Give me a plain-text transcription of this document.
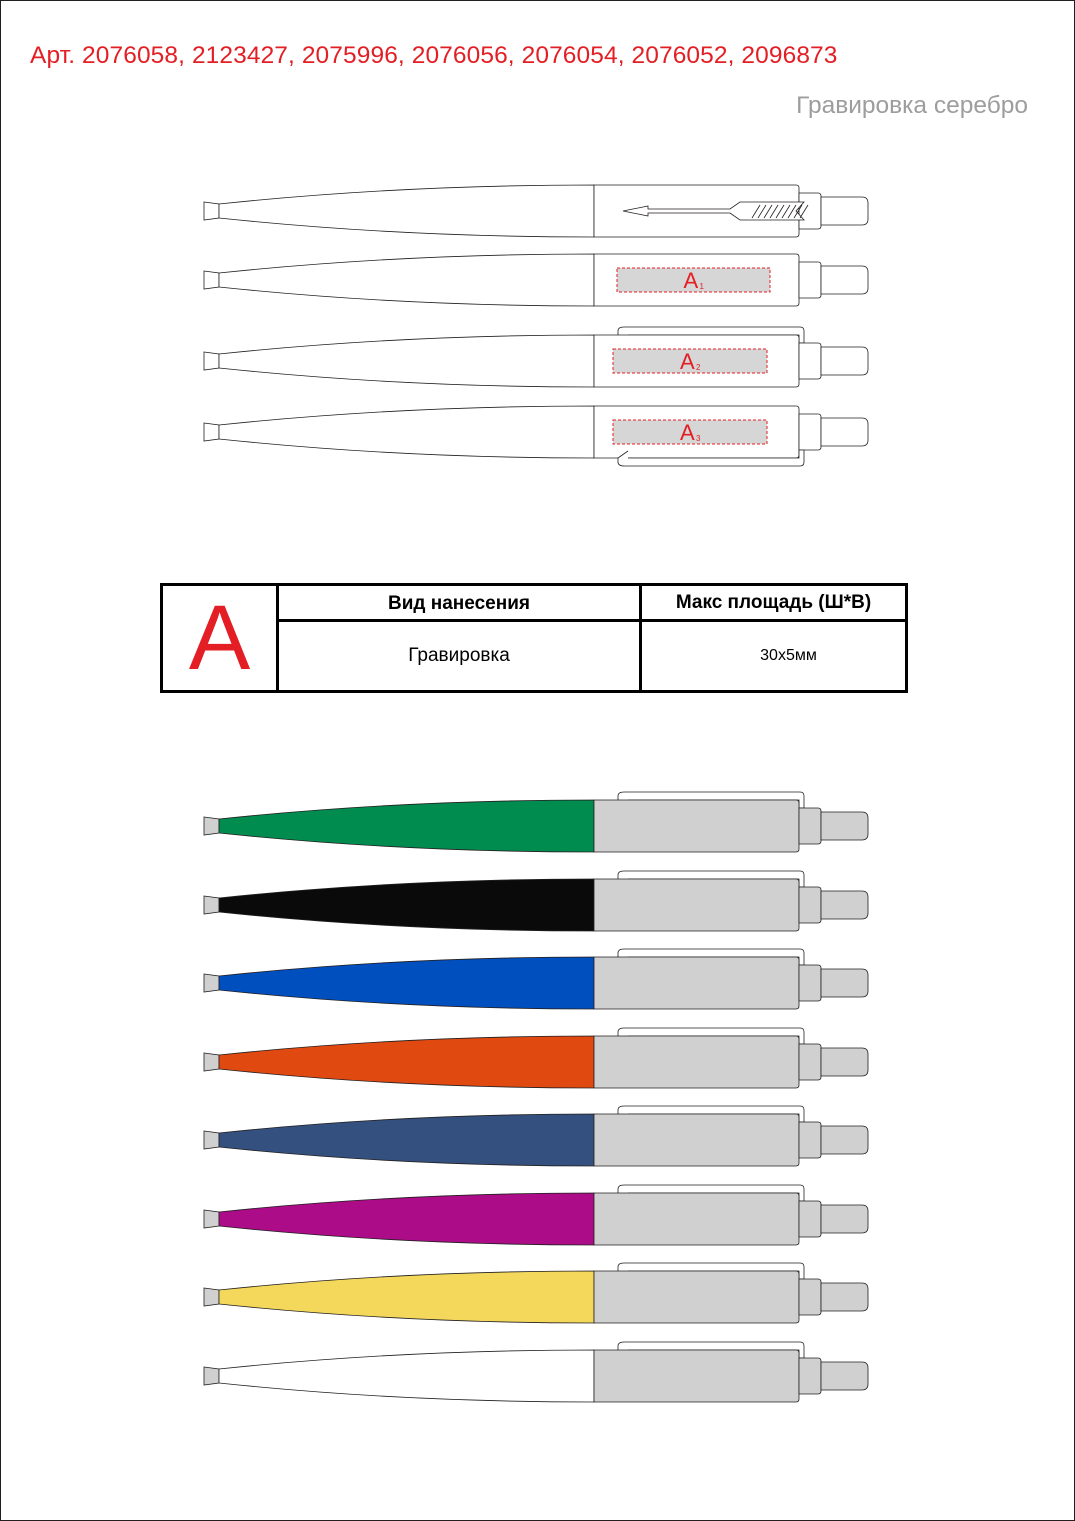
Арт. 2076058, 2123427, 2075996, 2076056, 2076054, 2076052, 2096873
Гравировка серебро
A 1
A 2
A 3
A	Вид нанесения	Макс площадь (Ш*В)
Гравировка	30х5мм
